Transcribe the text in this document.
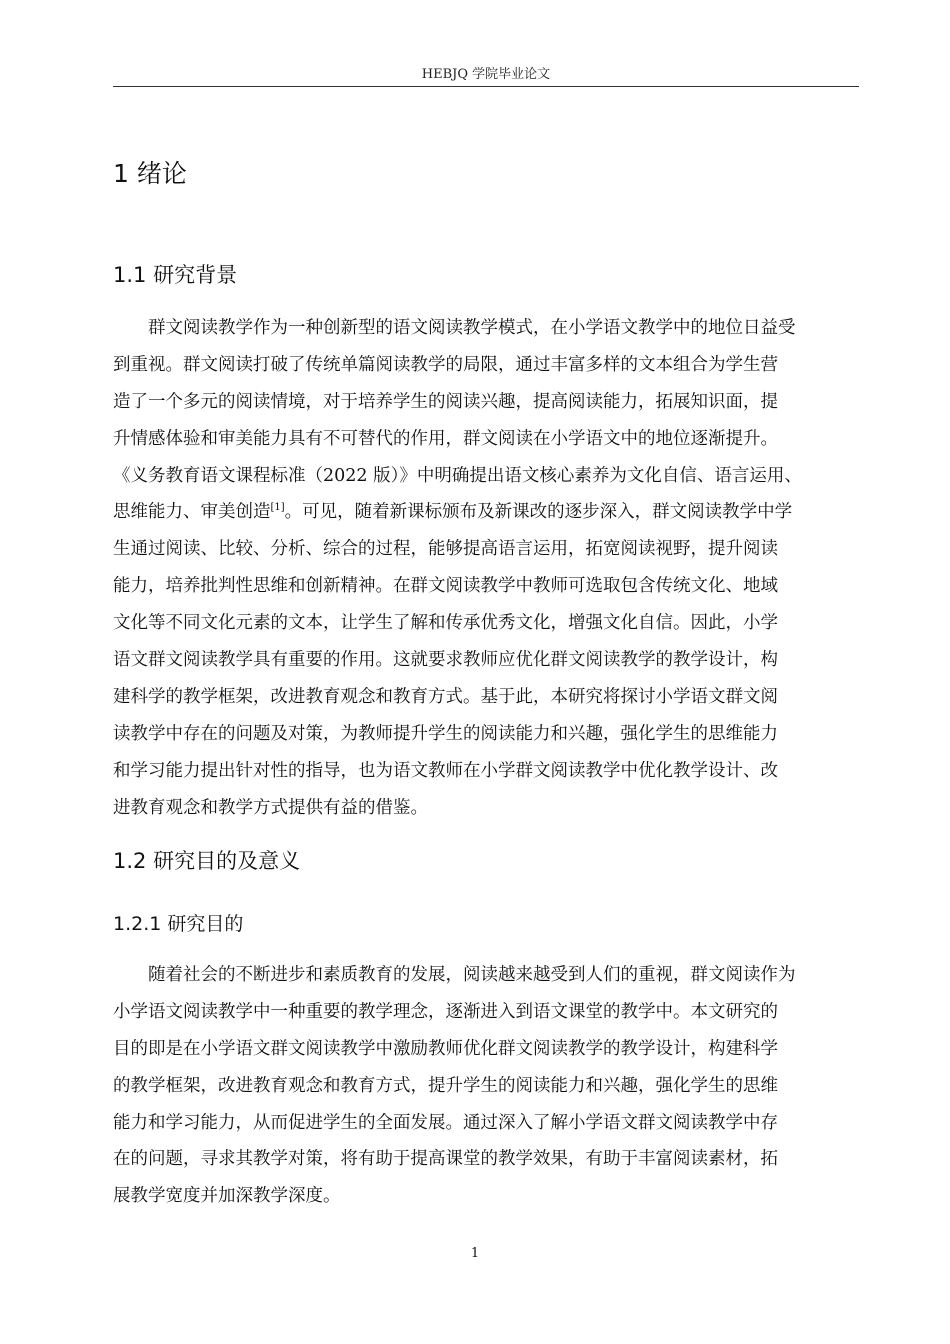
HEBJQ 学院毕业论文
1 绪论
1.1 研究背景
群文阅读教学作为一种创新型的语文阅读教学模式，在小学语文教学中的地位日益受
到重视。群文阅读打破了传统单篇阅读教学的局限，通过丰富多样的文本组合为学生营
造了一个多元的阅读情境，对于培养学生的阅读兴趣，提高阅读能力，拓展知识面，提
升情感体验和审美能力具有不可替代的作用，群文阅读在小学语文中的地位逐渐提升。
《义务教育语文课程标准（2022 版）》中明确提出语文核心素养为文化自信、语言运用、
思维能力、审美创造[1]。可见，随着新课标颁布及新课改的逐步深入，群文阅读教学中学
生通过阅读、比较、分析、综合的过程，能够提高语言运用，拓宽阅读视野，提升阅读
能力，培养批判性思维和创新精神。在群文阅读教学中教师可选取包含传统文化、地域
文化等不同文化元素的文本，让学生了解和传承优秀文化，增强文化自信。因此，小学
语文群文阅读教学具有重要的作用。这就要求教师应优化群文阅读教学的教学设计，构
建科学的教学框架，改进教育观念和教育方式。基于此，本研究将探讨小学语文群文阅
读教学中存在的问题及对策，为教师提升学生的阅读能力和兴趣，强化学生的思维能力
和学习能力提出针对性的指导，也为语文教师在小学群文阅读教学中优化教学设计、改
进教育观念和教学方式提供有益的借鉴。
1.2 研究目的及意义
1.2.1 研究目的
随着社会的不断进步和素质教育的发展，阅读越来越受到人们的重视，群文阅读作为
小学语文阅读教学中一种重要的教学理念，逐渐进入到语文课堂的教学中。本文研究的
目的即是在小学语文群文阅读教学中激励教师优化群文阅读教学的教学设计，构建科学
的教学框架，改进教育观念和教育方式，提升学生的阅读能力和兴趣，强化学生的思维
能力和学习能力，从而促进学生的全面发展。通过深入了解小学语文群文阅读教学中存
在的问题，寻求其教学对策，将有助于提高课堂的教学效果，有助于丰富阅读素材，拓
展教学宽度并加深教学深度。
1
